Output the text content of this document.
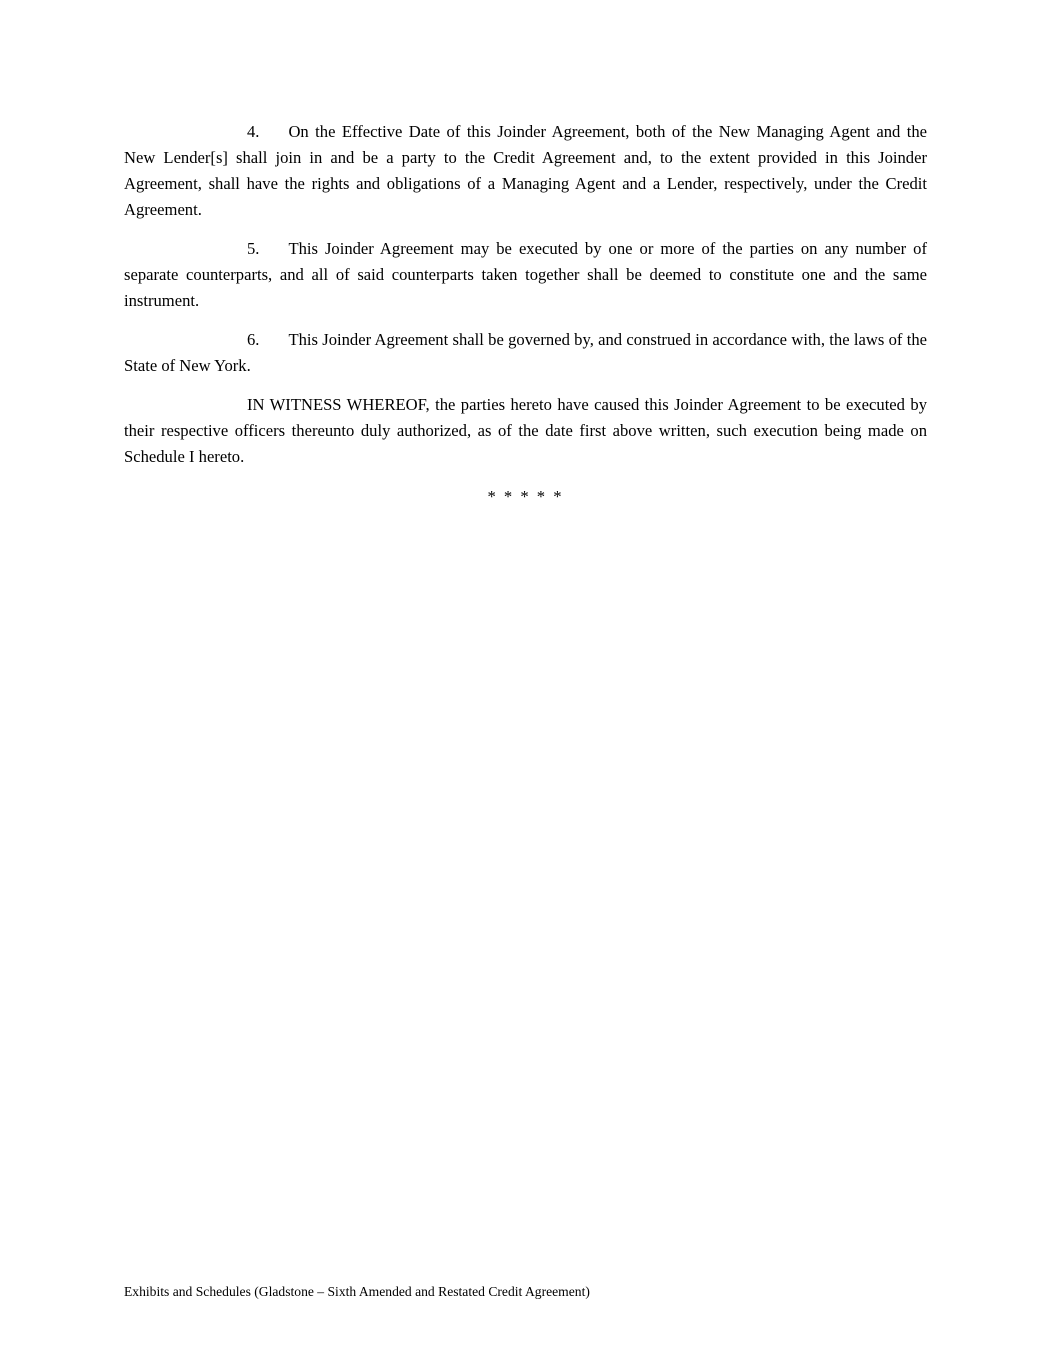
4. On the Effective Date of this Joinder Agreement, both of the New Managing Agent and the New Lender[s] shall join in and be a party to the Credit Agreement and, to the extent provided in this Joinder Agreement, shall have the rights and obligations of a Managing Agent and a Lender, respectively, under the Credit Agreement.

5. This Joinder Agreement may be executed by one or more of the parties on any number of separate counterparts, and all of said counterparts taken together shall be deemed to constitute one and the same instrument.

6. This Joinder Agreement shall be governed by, and construed in accordance with, the laws of the State of New York.

IN WITNESS WHEREOF, the parties hereto have caused this Joinder Agreement to be executed by their respective officers thereunto duly authorized, as of the date first above written, such execution being made on Schedule I hereto.

* * * * *
Exhibits and Schedules (Gladstone – Sixth Amended and Restated Credit Agreement)
